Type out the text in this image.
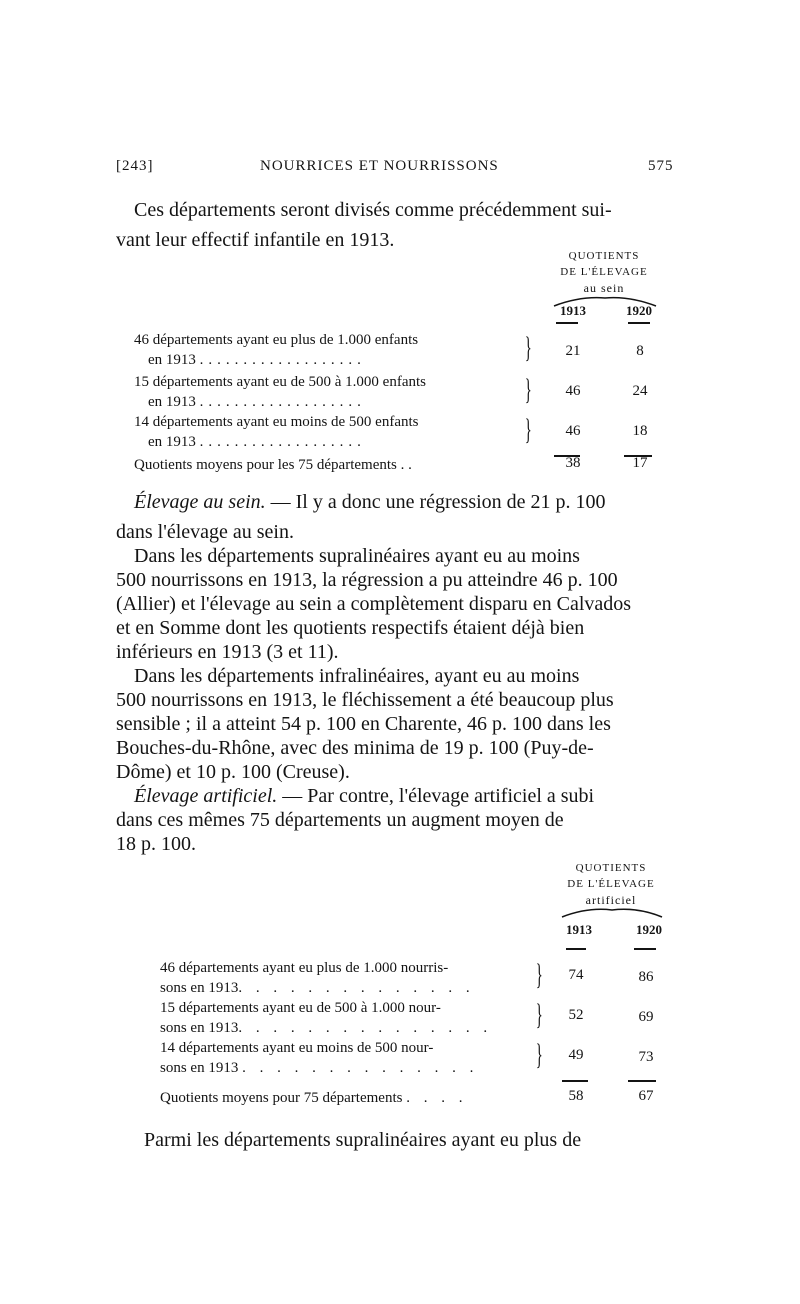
[243]	NOURRICES ET NOURRISSONS	575
Ces départements seront divisés comme précédemment sui-
vant leur effectif infantile en 1913.
QUOTIENTS
DE L'ÉLEVAGE
au sein
1913	1920
46 départements ayant eu plus de 1.000 enfants
en 1913 ...................	}	21	8
15 départements ayant eu de 500 à 1.000 enfants
en 1913 ...................	}	46	24
14 départements ayant eu moins de 500 enfants
en 1913 ...................	}	46	18
Quotients moyens pour les 75 départements . .	38	17
Élevage au sein. — Il y a donc une régression de 21 p. 100
dans l'élevage au sein.
Dans les départements supralinéaires ayant eu au moins
500 nourrissons en 1913, la régression a pu atteindre 46 p. 100
(Allier) et l'élevage au sein a complètement disparu en Calvados
et en Somme dont les quotients respectifs étaient déjà bien
inférieurs en 1913 (3 et 11).
Dans les départements infralinéaires, ayant eu au moins
500 nourrissons en 1913, le fléchissement a été beaucoup plus
sensible ; il a atteint 54 p. 100 en Charente, 46 p. 100 dans les
Bouches-du-Rhône, avec des minima de 19 p. 100 (Puy-de-
Dôme) et 10 p. 100 (Creuse).
Élevage artificiel. — Par contre, l'élevage artificiel a subi
dans ces mêmes 75 départements un augment moyen de
18 p. 100.
QUOTIENTS
DE L'ÉLEVAGE
artificiel
1913	1920
46 départements ayant eu plus de 1.000 nourris-
sons en 1913. . . . . . . . . . . . . . }	74	86
15 départements ayant eu de 500 à 1.000 nour-
sons en 1913. . . . . . . . . . . . . . . }	52	69
14 départements ayant eu moins de 500 nour-
sons en 1913 . . . . . . . . . . . . . . }	49	73
Quotients moyens pour 75 départements . . . .	58	67
Parmi les départements supralinéaires ayant eu plus de
